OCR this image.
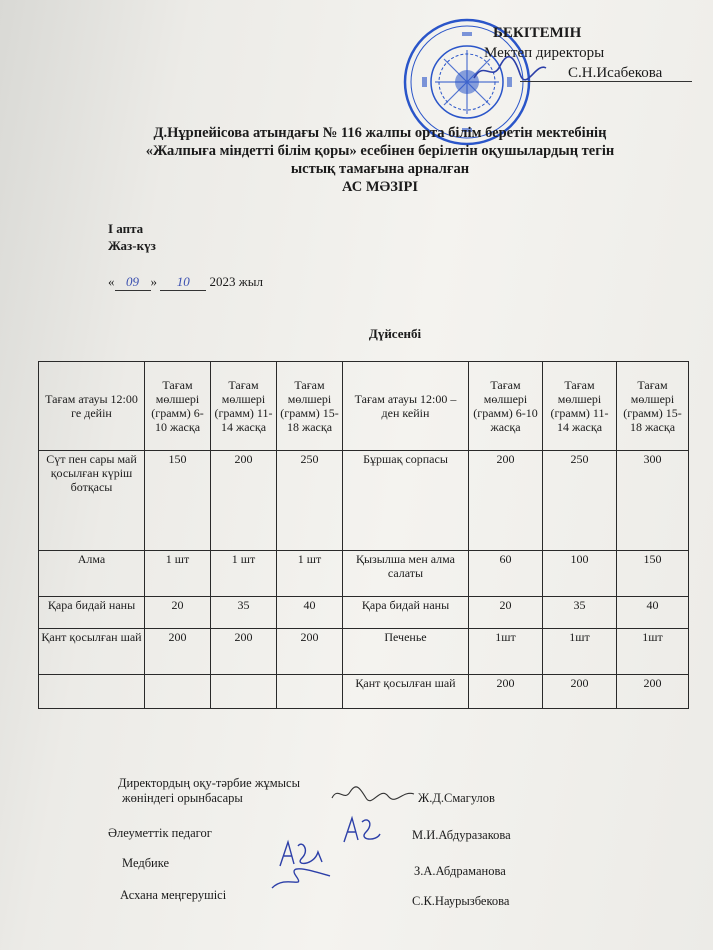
БЕКІТЕМІН
Мектеп директоры
С.Н.Исабекова
Д.Нұрпейісова атындағы № 116 жалпы орта білім беретін мектебінің
«Жалпыға міндетті білім қоры» есебінен берілетін оқушылардың тегін
ыстық тамағына арналған
АС МӘЗІРІ
І апта
Жаз-күз
« 09 » 10 2023 жыл
Дүйсенбі
Тағам атауы 12:00 ге дейін	Тағам мөлшері (грамм) 6-10 жасқа	Тағам мөлшері (грамм) 11-14 жасқа	Тағам мөлшері (грамм) 15-18 жасқа	Тағам атауы 12:00 – ден кейін	Тағам мөлшері (грамм) 6-10 жасқа	Тағам мөлшері (грамм) 11-14 жасқа	Тағам мөлшері (грамм) 15-18 жасқа
Сүт пен сары май қосылған күріш ботқасы	150	200	250	Бұршақ сорпасы	200	250	300
Алма	1 шт	1 шт	1 шт	Қызылша мен алма салаты	60	100	150
Қара бидай наны	20	35	40	Қара бидай наны	20	35	40
Қант қосылған шай	200	200	200	Печенье	1шт	1шт	1шт
				Қант қосылған шай	200	200	200
Директордың оқу-тәрбие жұмысы
жөніндегі орынбасары	Ж.Д.Смагулов
Әлеуметтік педагог	М.И.Абдуразакова
Медбике
З.А.Абдраманова
Асхана меңгерушісі	С.К.Наурызбекова
